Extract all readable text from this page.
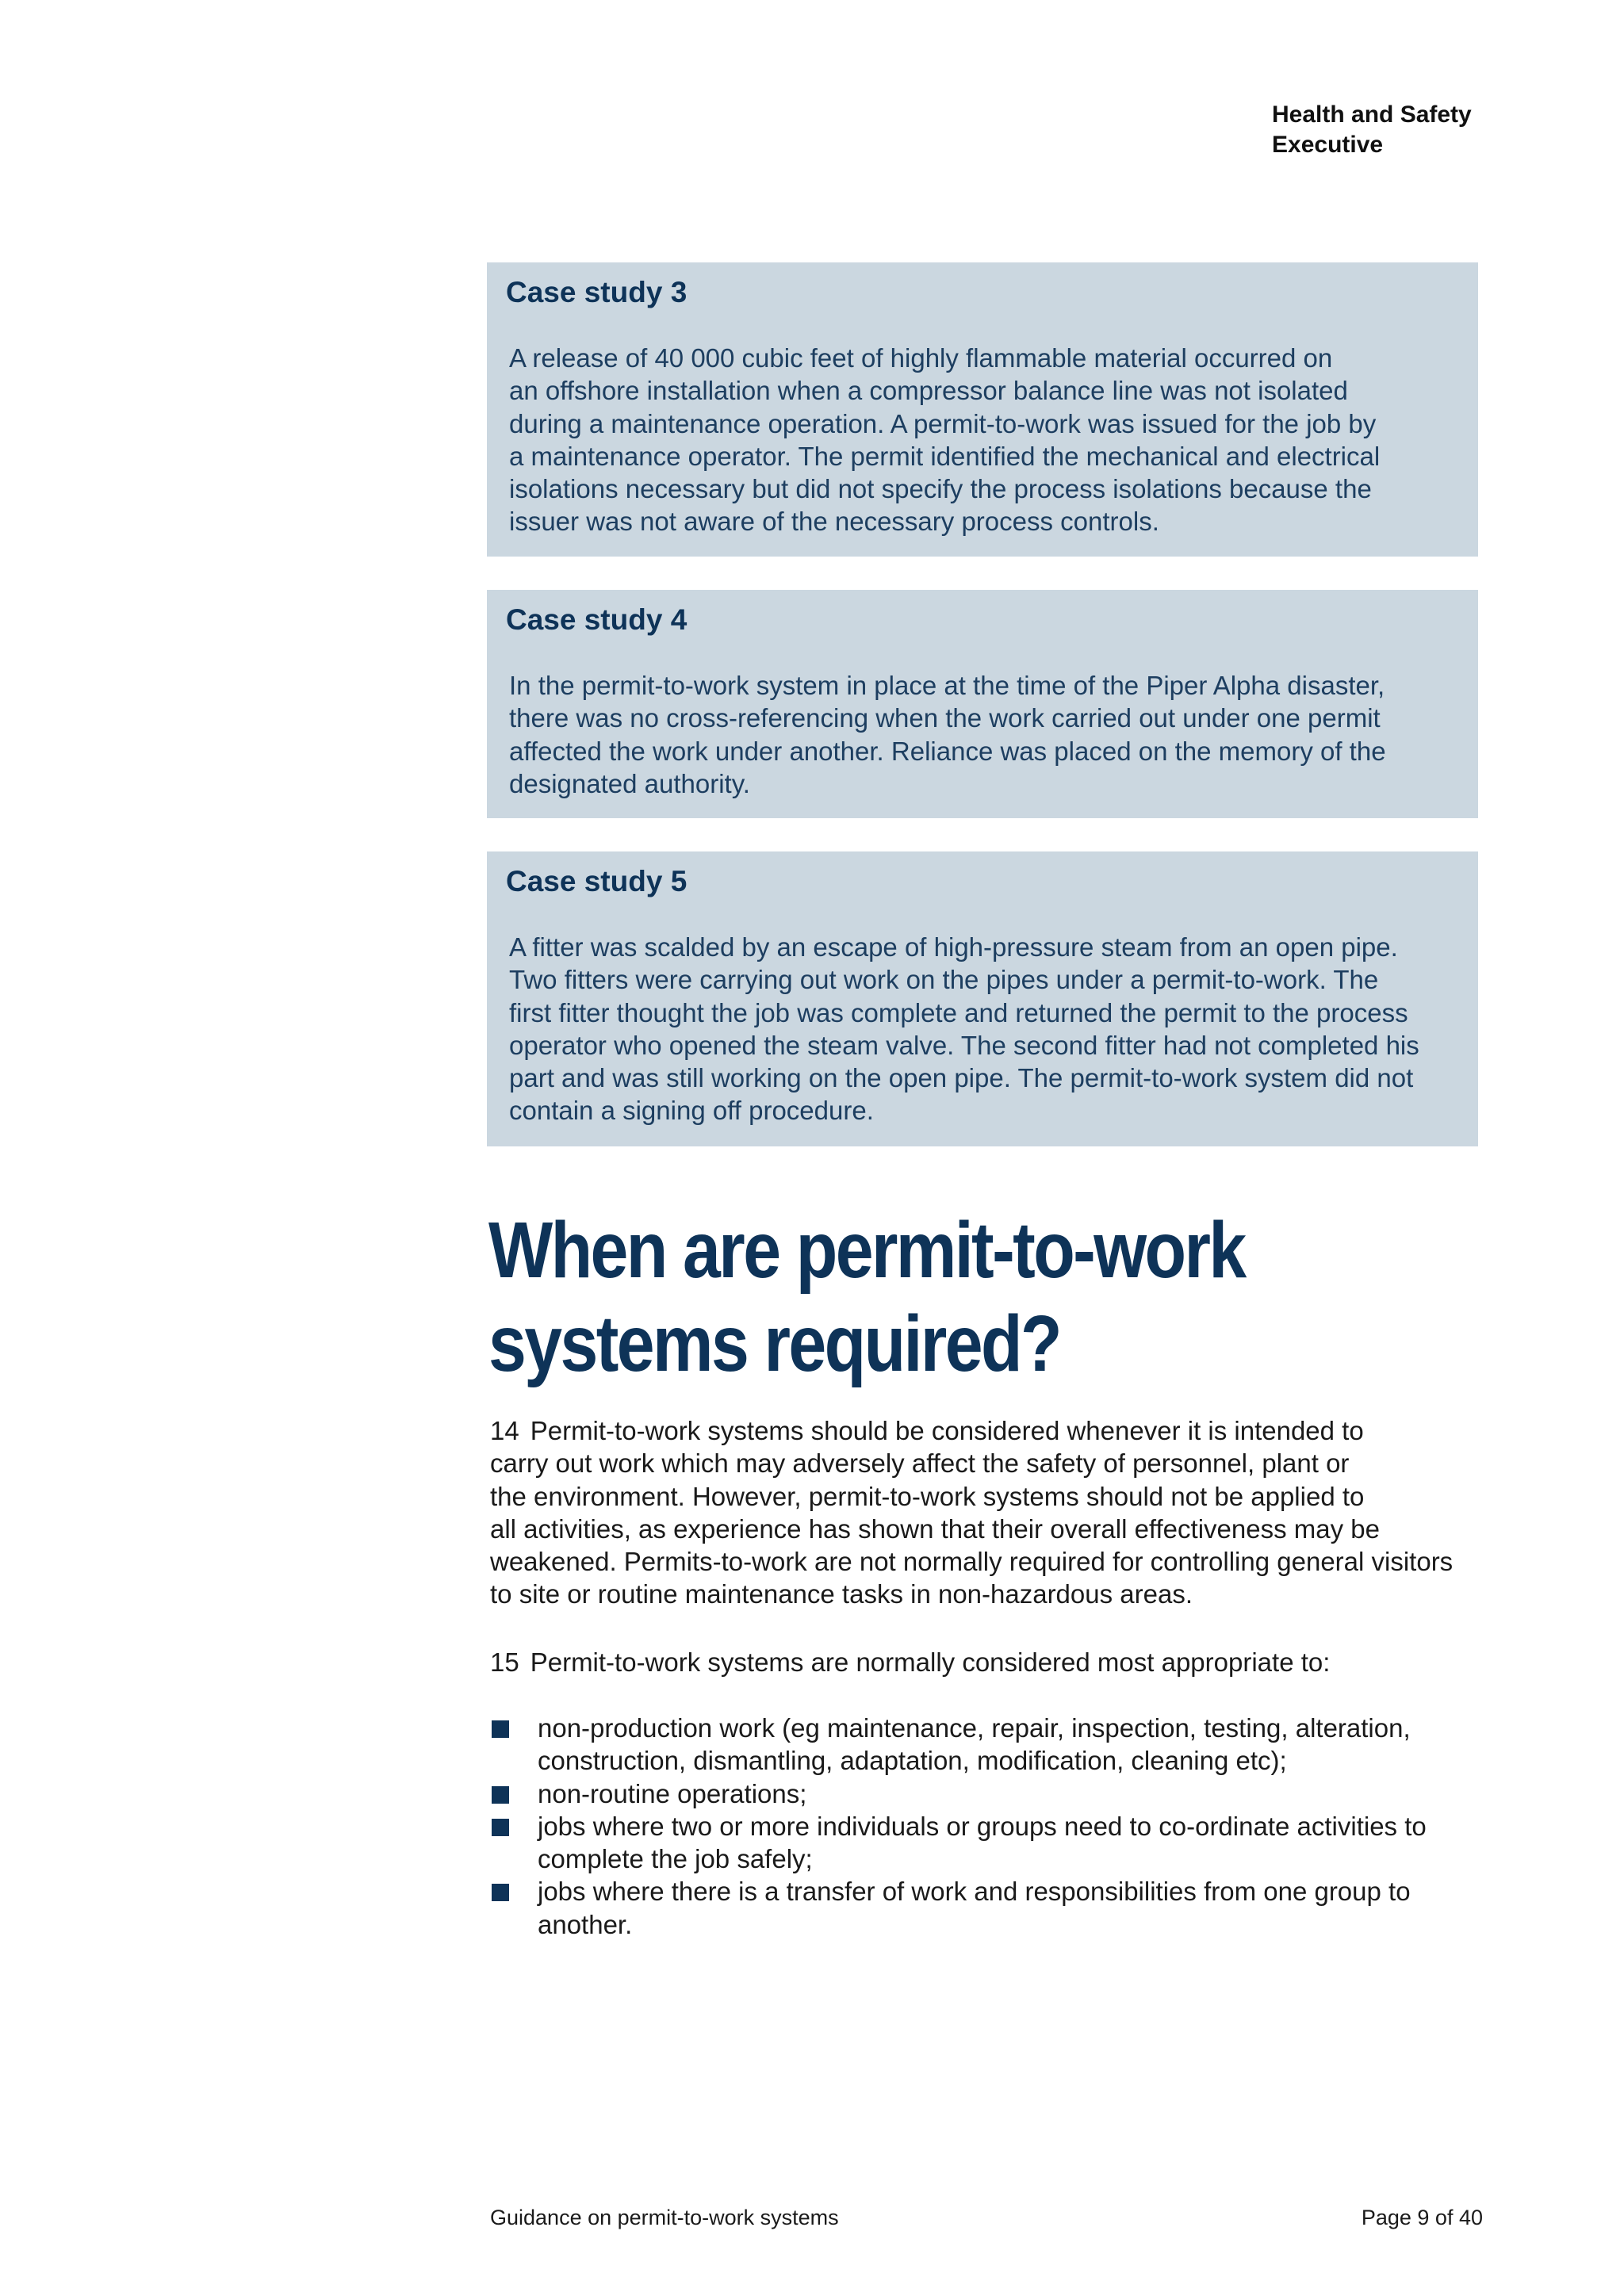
Health and Safety
Executive
Case study 3

A release of 40 000 cubic feet of highly flammable material occurred on
an offshore installation when a compressor balance line was not isolated
during a maintenance operation. A permit-to-work was issued for the job by
a maintenance operator. The permit identified the mechanical and electrical
isolations necessary but did not specify the process isolations because the
issuer was not aware of the necessary process controls.

Case study 4

In the permit-to-work system in place at the time of the Piper Alpha disaster,
there was no cross-referencing when the work carried out under one permit
affected the work under another. Reliance was placed on the memory of the
designated authority.

Case study 5

A fitter was scalded by an escape of high-pressure steam from an open pipe.
Two fitters were carrying out work on the pipes under a permit-to-work. The
first fitter thought the job was complete and returned the permit to the process
operator who opened the steam valve. The second fitter had not completed his
part and was still working on the open pipe. The permit-to-work system did not
contain a signing off procedure.

When are permit-to-work
systems required?

14 Permit-to-work systems should be considered whenever it is intended to
carry out work which may adversely affect the safety of personnel, plant or
the environment. However, permit-to-work systems should not be applied to
all activities, as experience has shown that their overall effectiveness may be
weakened. Permits-to-work are not normally required for controlling general visitors
to site or routine maintenance tasks in non-hazardous areas.

15 Permit-to-work systems are normally considered most appropriate to:

non-production work (eg maintenance, repair, inspection, testing, alteration,
construction, dismantling, adaptation, modification, cleaning etc);
non-routine operations;
jobs where two or more individuals or groups need to co-ordinate activities to
complete the job safely;
jobs where there is a transfer of work and responsibilities from one group to
another.
Guidance on permit-to-work systems	Page 9 of 40
